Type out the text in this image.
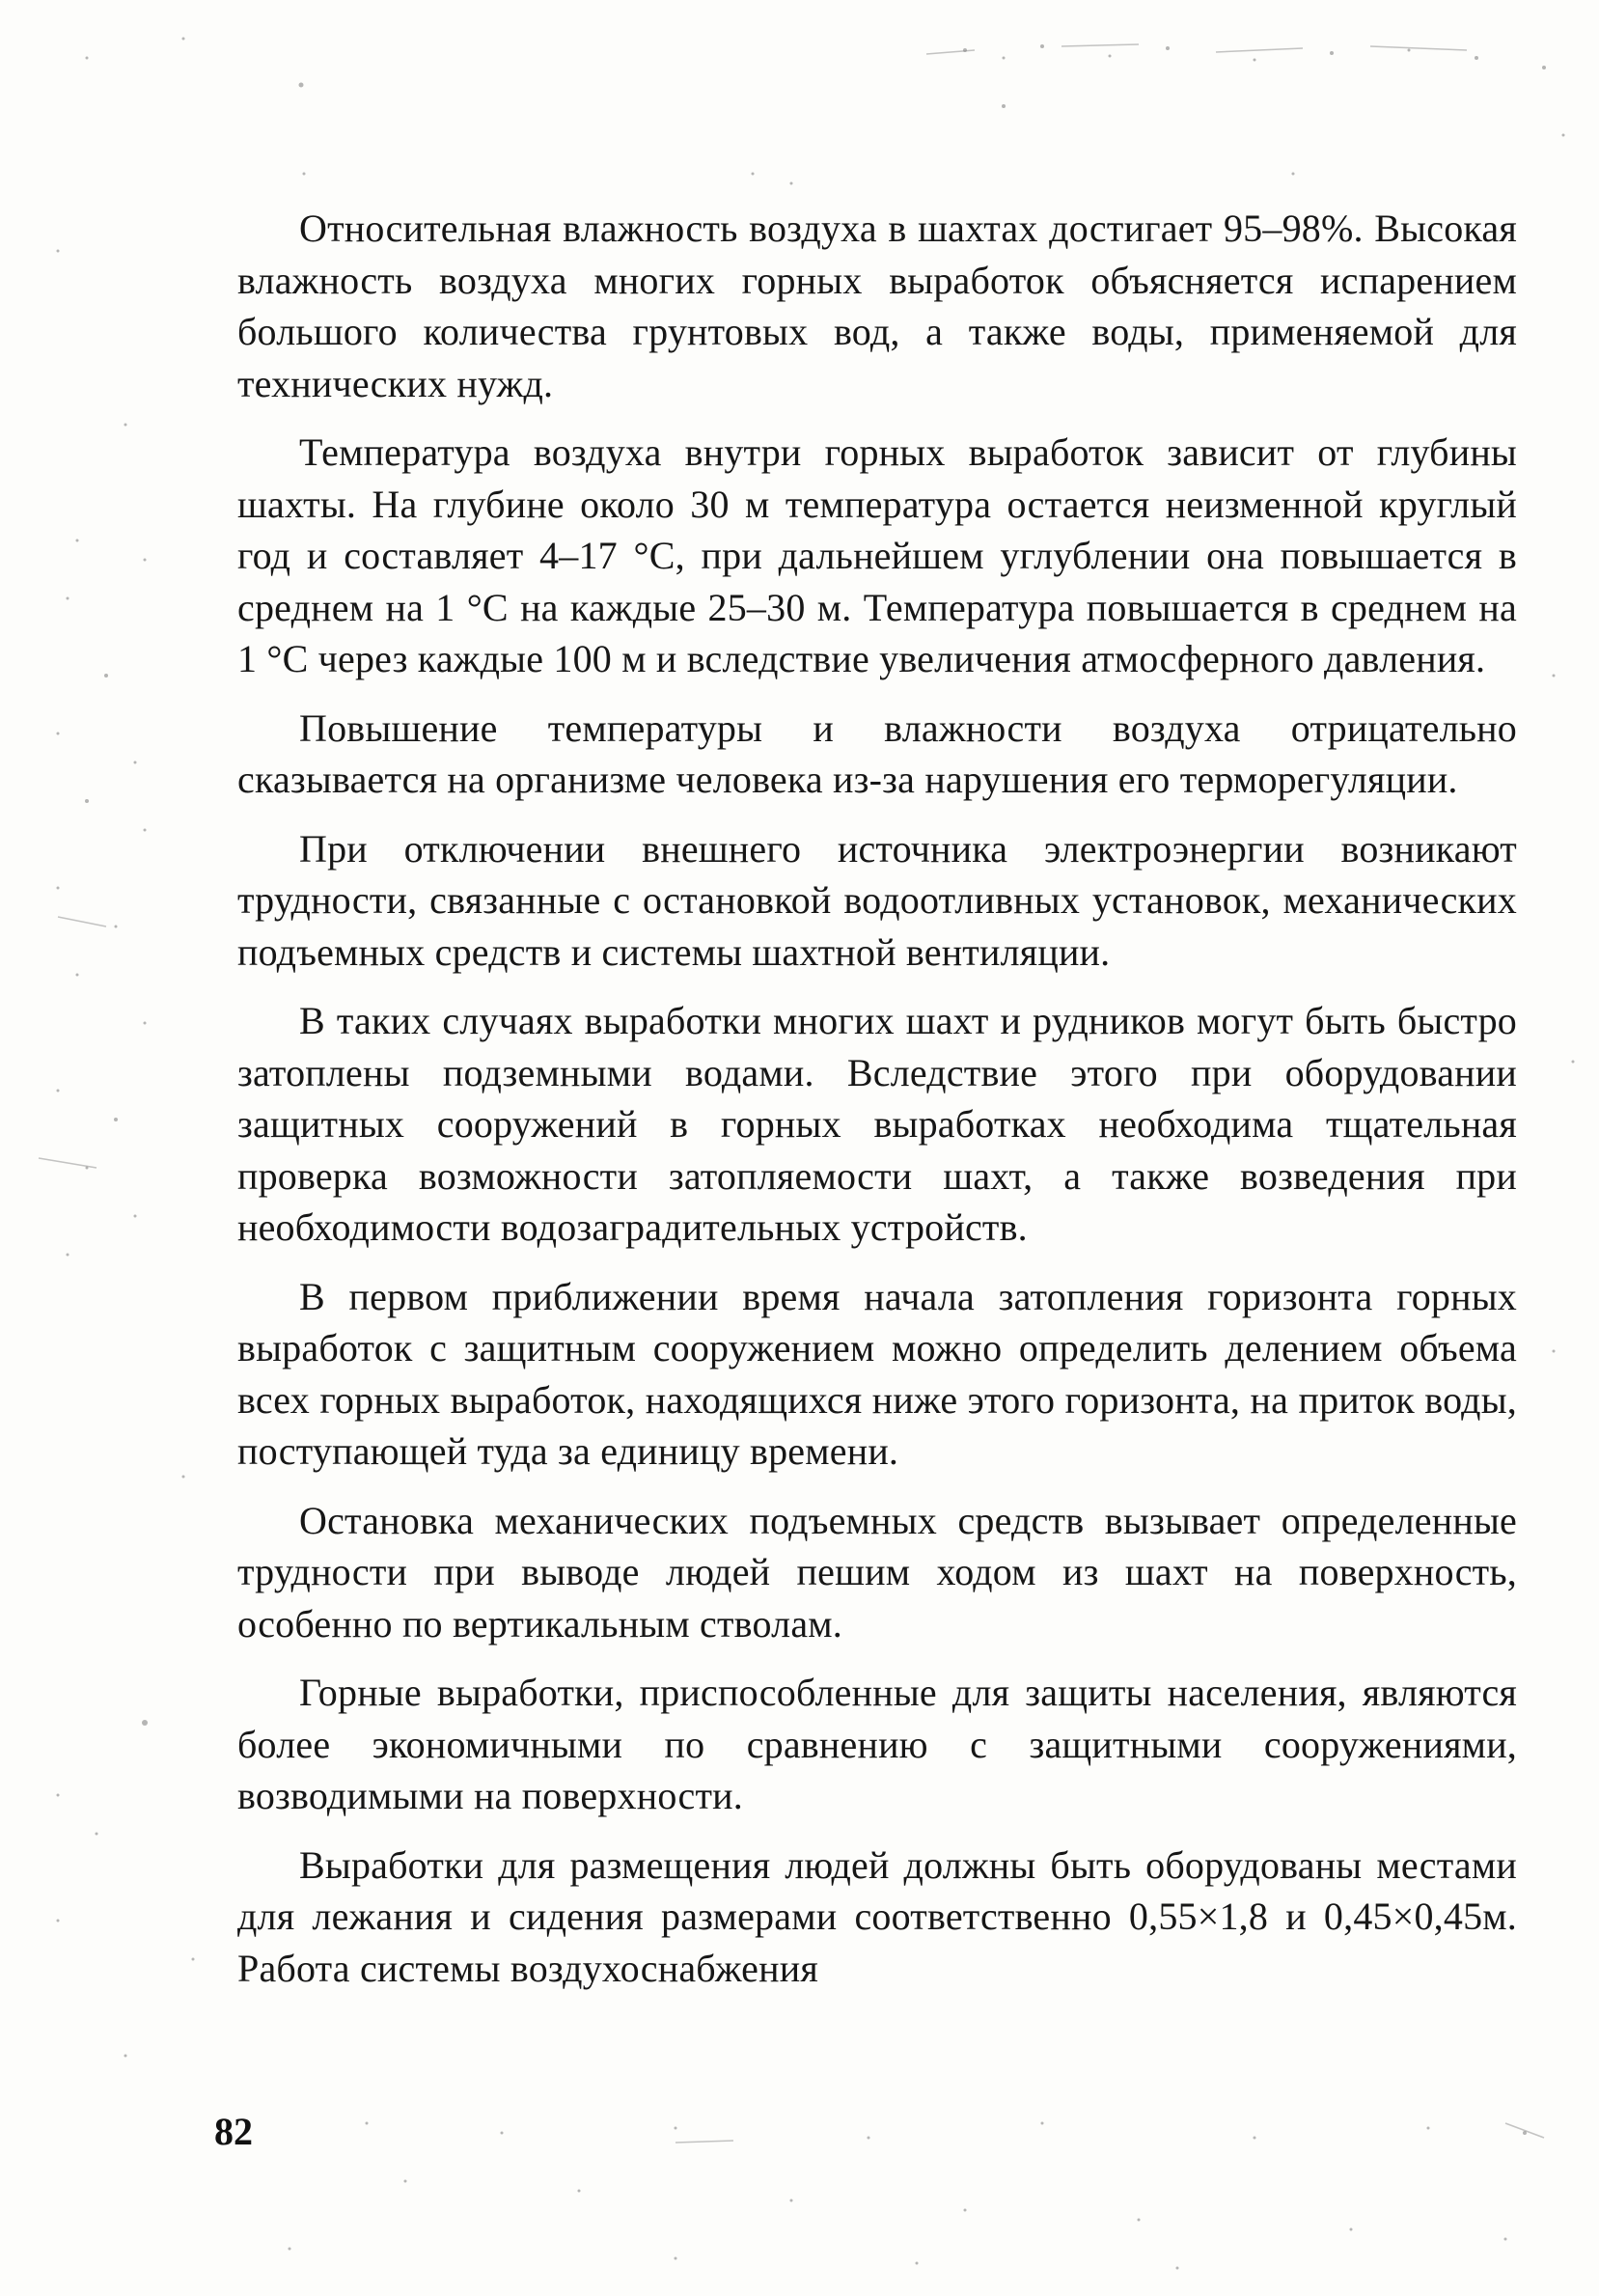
Относительная влажность воздуха в шахтах достигает 95–98%. Высокая влажность воздуха многих горных выработок объясняется испарением большого количества грунтовых вод, а также воды, применяемой для технических нужд.

Температура воздуха внутри горных выработок зависит от глубины шахты. На глубине около 30 м температура остается неизменной круглый год и составляет 4–17 °С, при дальнейшем углублении она повышается в среднем на 1 °С на каждые 25–30 м. Температура повышается в среднем на 1 °С через каждые 100 м и вследствие увеличения атмосферного давления.

Повышение температуры и влажности воздуха отрицательно сказывается на организме человека из-за нарушения его терморегуляции.

При отключении внешнего источника электроэнергии возникают трудности, связанные с остановкой водоотливных установок, механических подъемных средств и системы шахтной вентиляции.

В таких случаях выработки многих шахт и рудников могут быть быстро затоплены подземными водами. Вследствие этого при оборудовании защитных сооружений в горных выработках необходима тщательная проверка возможности затопляемости шахт, а также возведения при необходимости водозаградительных устройств.

В первом приближении время начала затопления горизонта горных выработок с защитным сооружением можно определить делением объема всех горных выработок, находящихся ниже этого горизонта, на приток воды, поступающей туда за единицу времени.

Остановка механических подъемных средств вызывает определенные трудности при выводе людей пешим ходом из шахт на поверхность, особенно по вертикальным стволам.

Горные выработки, приспособленные для защиты населения, являются более экономичными по сравнению с защитными сооружениями, возводимыми на поверхности.

Выработки для размещения людей должны быть оборудованы местами для лежания и сидения размерами соответственно 0,55×1,8 и 0,45×0,45м. Работа системы воздухоснабжения

82
